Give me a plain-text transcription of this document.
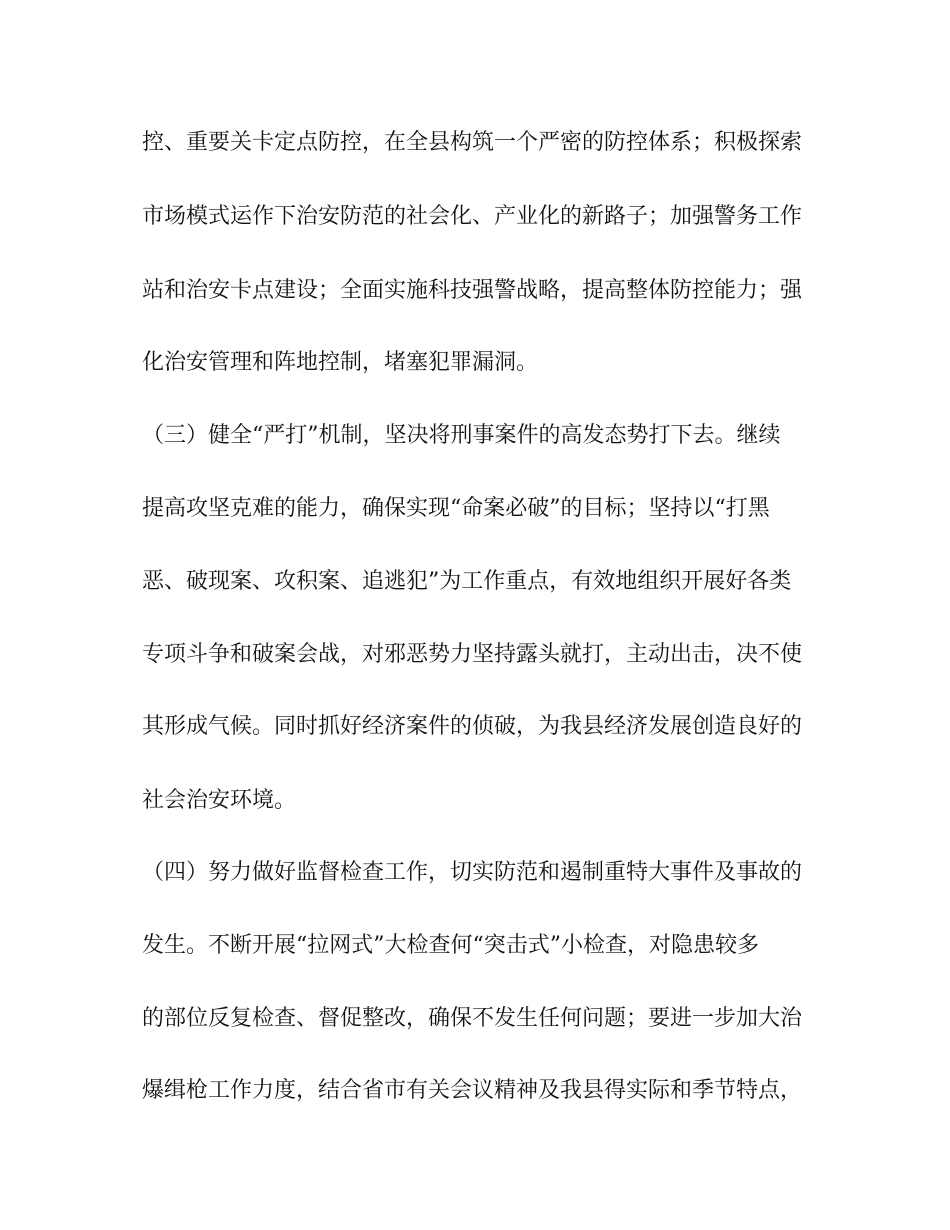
控、重要关卡定点防控，在全县构筑一个严密的防控体系；积极探索

市场模式运作下治安防范的社会化、产业化的新路子；加强警务工作

站和治安卡点建设；全面实施科技强警战略，提高整体防控能力；强

化治安管理和阵地控制，堵塞犯罪漏洞。

（三）健全“严打”机制，坚决将刑事案件的高发态势打下去。继续

提高攻坚克难的能力，确保实现“命案必破”的目标；坚持以“打黑

恶、破现案、攻积案、追逃犯”为工作重点，有效地组织开展好各类

专项斗争和破案会战，对邪恶势力坚持露头就打，主动出击，决不使

其形成气候。同时抓好经济案件的侦破，为我县经济发展创造良好的

社会治安环境。

（四）努力做好监督检查工作，切实防范和遏制重特大事件及事故的

发生。不断开展“拉网式”大检查何“突击式”小检查，对隐患较多

的部位反复检查、督促整改，确保不发生任何问题；要进一步加大治

爆缉枪工作力度，结合省市有关会议精神及我县得实际和季节特点，
